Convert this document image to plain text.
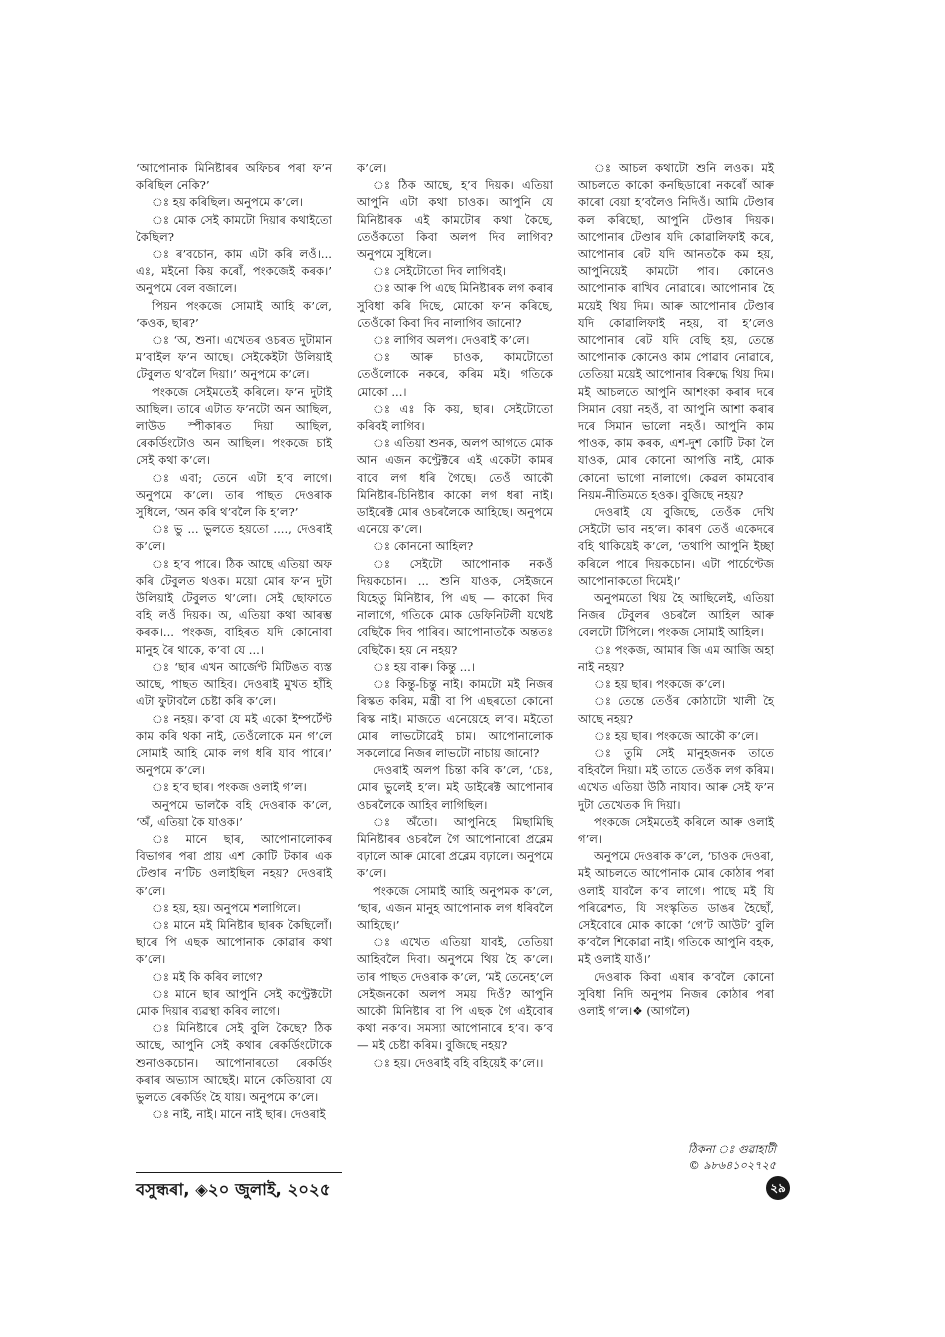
‘আপোনাক মিনিষ্টাৰৰ অফিচৰ পৰা ফ’ন কৰিছিল নেকি?’

ঃ হয় কৰিছিল। অনুপমে ক’লে।

ঃ মোক সেই কামটো দিয়াৰ কথাইতো কৈছিল?

ঃ ৰ’বচোন, কাম এটা কৰি লওঁ।... এঃ, মইনো কিয় কৰোঁ, পংকজেই কৰক।’ অনুপমে বেল বজালে।

পিয়ন পংকজে সোমাই আহি ক’লে, ‘কওক, ছাৰ?’

ঃ ‘অ, শুনা। এখেতৰ ওচৰত দুটামান ম’বাইল ফ’ন আছে। সেইকেইটা উলিয়াই টেবুলত থ’বলৈ দিয়া।’ অনুপমে ক’লে।

পংকজে সেইমতেই কৰিলে। ফ’ন দুটাই আছিল। তাৰে এটাত ফ’নটো অন আছিল, লাউড স্পীকাৰত দিয়া আছিল, ৰেকৰ্ডিংটোও অন আছিল। পংকজে চাই সেই কথা ক’লে।

ঃ এবা; তেনে এটা হ’ব লাগে। অনুপমে ক’লে। তাৰ পাছত দেওৰাক সুধিলে, ‘অন কৰি থ’বলৈ কি হ’ল?’

ঃ ভু ... ভুলতে হয়তো ...., দেওৰাই ক’লে।

ঃ হ’ব পাৰে। ঠিক আছে এতিয়া অফ কৰি টেবুলত থওক। ময়ো মোৰ ফ’ন দুটা উলিয়াই টেবুলত থ’লো। সেই ছোফাতে বহি লওঁ দিয়ক। অ, এতিয়া কথা আৰম্ভ কৰক।... পংকজ, বাহিৰত যদি কোনোবা মানুহ ৰৈ থাকে, ক’বা যে ...।

ঃ ‘ছাৰ এখন আৰ্জেণ্ট মিটিঙত ব্যস্ত আছে, পাছত আহিব। দেওৰাই মুখত হাঁহি এটা ফুটাবলৈ চেষ্টা কৰি ক’লে।

ঃ নহয়। ক’বা যে মই একো ইম্পৰ্টেণ্ট কাম কৰি থকা নাই, তেওঁলোকে মন গ’লে সোমাই আহি মোক লগ ধৰি যাব পাৰে।’ অনুপমে ক’লে।

ঃ হ’ব ছাৰ। পংকজ ওলাই গ’ল।

অনুপমে ভালকৈ বহি দেওৰাক ক’লে, ‘অঁ, এতিয়া কৈ যাওক।’

ঃ মানে ছাৰ, আপোনালোকৰ বিভাগৰ পৰা প্ৰায় এশ কোটি টকাৰ এক টেণ্ডাৰ ন’টিচ ওলাইছিল নহয়? দেওৰাই ক’লে।

ঃ হয়, হয়। অনুপমে শলাগিলে।

ঃ মানে মই মিনিষ্টাৰ ছাৰক কৈছিলোঁ। ছাৰে পি এছক আপোনাক কোৱাৰ কথা ক’লে।

ঃ মই কি কৰিব লাগে?

ঃ মানে ছাৰ আপুনি সেই কণ্ট্ৰেক্টটো মোক দিয়াৰ ব্যৱস্থা কৰিব লাগে।

ঃ মিনিষ্টাৰে সেই বুলি কৈছে? ঠিক আছে, আপুনি সেই কথাৰ ৰেকৰ্ডিংটোকে শুনাওকচোন। আপোনাৰতো ৰেকৰ্ডিং কৰাৰ অভ্যাস আছেই। মানে কেতিয়াবা যে ভুলতে ৰেকৰ্ডিং হৈ যায়। অনুপমে ক’লে।

ঃ নাই, নাই। মানে নাই ছাৰ। দেওৰাই

ক’লে।

ঃ ঠিক আছে, হ’ব দিয়ক। এতিয়া আপুনি এটা কথা চাওক। আপুনি যে মিনিষ্টাৰক এই কামটোৰ কথা কৈছে, তেওঁকতো কিবা অলপ দিব লাগিব? অনুপমে সুধিলে।

ঃ সেইটোতো দিব লাগিবই।

ঃ আৰু পি এছে মিনিষ্টাৰক লগ কৰাৰ সুবিধা কৰি দিছে, মোকো ফ’ন কৰিছে, তেওঁকো কিবা দিব নালাগিব জানো?

ঃ লাগিব অলপ। দেওৰাই ক’লে।

ঃ আৰু চাওক, কামটোতো তেওঁলোকে নকৰে, কৰিম মই। গতিকে মোকো ...।

ঃ এঃ কি কয়, ছাৰ। সেইটোতো কৰিবই লাগিব।

ঃ এতিয়া শুনক, অলপ আগতে মোক আন এজন কণ্ট্ৰেক্টৰে এই একেটা কামৰ বাবে লগ ধৰি গৈছে। তেওঁ আকৌ মিনিষ্টাৰ-চিনিষ্টাৰ কাকো লগ ধৰা নাই। ডাইৰেক্ট মোৰ ওচৰলৈকে আহিছে। অনুপমে এনেয়ে ক’লে।

ঃ কোননো আহিল?

ঃ সেইটো আপোনাক নকওঁ দিয়কচোন। ... শুনি যাওক, সেইজনে যিহেতু মিনিষ্টাৰ, পি এছ — কাকো দিব নালাগে, গতিকে মোক ডেফিনিটলী যথেষ্ট বেছিকৈ দিব পাৰিব। আপোনাতকৈ অন্ততঃ বেছিকৈ। হয় নে নহয়?

ঃ হয় বাৰু। কিন্তু ...।

ঃ কিন্তু-চিন্তু নাই। কামটো মই নিজৰ ৰিস্কত কৰিম, মন্ত্ৰী বা পি এছৰতো কোনো ৰিস্ক নাই। মাজতে এনেয়েহে ল’ব। মইতো মোৰ লাভটোৱেই চাম। আপোনালোক সকলোৱে নিজৰ লাভটো নাচায় জানো?

দেওৰাই অলপ চিন্তা কৰি ক’লে, ‘চেঃ, মোৰ ভুলেই হ’ল। মই ডাইৰেক্ট আপোনাৰ ওচৰলৈকে আহিব লাগিছিল।

ঃ অঁতো। আপুনিহে মিছামিছি মিনিষ্টাৰৰ ওচৰলৈ গৈ আপোনাৰো প্ৰব্লেম বঢ়ালে আৰু মোৰো প্ৰব্লেম বঢ়ালে। অনুপমে ক’লে।

পংকজে সোমাই আহি অনুপমক ক’লে, ‘ছাৰ, এজন মানুহ আপোনাক লগ ধৰিবলৈ আহিছে।’

ঃ এখেত এতিয়া যাবই, তেতিয়া আহিবলৈ দিবা। অনুপমে থিয় হৈ ক’লে। তাৰ পাছত দেওৰাক ক’লে, ‘মই তেনেহ’লে সেইজনকো অলপ সময় দিওঁ? আপুনি আকৌ মিনিষ্টাৰ বা পি এছক গৈ এইবোৰ কথা নক’ব। সমস্যা আপোনাৰে হ’ব। ক’ব — মই চেষ্টা কৰিম। বুজিছে নহয়?

ঃ হয়। দেওৰাই বহি বহিয়েই ক’লে।।

ঃ আচল কথাটো শুনি লওক। মই আচলতে কাকো কনছিডাৰো নকৰোঁ আৰু কাৰো বেয়া হ’বলৈও নিদিওঁ। আমি টেণ্ডাৰ কল কৰিছো, আপুনি টেণ্ডাৰ দিয়ক। আপোনাৰ টেণ্ডাৰ যদি কোৱালিফাই কৰে, আপোনাৰ ৰেট যদি আনতকৈ কম হয়, আপুনিয়েই কামটো পাব। কোনেও আপোনাক ৰাখিব নোৱাৰে। আপোনাৰ হৈ ময়েই থিয় দিম। আৰু আপোনাৰ টেণ্ডাৰ যদি কোৱালিফাই নহয়, বা হ’লেও আপোনাৰ ৰেট যদি বেছি হয়, তেন্তে আপোনাক কোনেও কাম পোৱাব নোৱাৰে, তেতিয়া ময়েই আপোনাৰ বিৰুদ্ধে থিয় দিম। মই আচলতে আপুনি আশংকা কৰাৰ দৰে সিমান বেয়া নহওঁ, বা আপুনি আশা কৰাৰ দৰে সিমান ভালো নহওঁ। আপুনি কাম পাওক, কাম কৰক, এশ-দুশ কোটি টকা লৈ যাওক, মোৰ কোনো আপত্তি নাই, মোক কোনো ভাগো নালাগে। কেৱল কামবোৰ নিয়ম-নীতিমতে হওক। বুজিছে নহয়?

দেওৰাই যে বুজিছে, তেওঁক দেখি সেইটো ভাব নহ’ল। কাৰণ তেওঁ একেদৰে বহি থাকিয়েই ক’লে, ‘তথাপি আপুনি ইচ্ছা কৰিলে পাৰে দিয়কচোন। এটা পাৰ্চেণ্টেজ আপোনাকতো দিমেই।’

অনুপমতো থিয় হৈ আছিলেই, এতিয়া নিজৰ টেবুলৰ ওচৰলৈ আহিল আৰু বেলটো টিপিলে। পংকজ সোমাই আহিল।

ঃ পংকজ, আমাৰ জি এম আজি অহা নাই নহয়?

ঃ হয় ছাৰ। পংকজে ক’লে।

ঃ তেন্তে তেওঁৰ কোঠাটো খালী হৈ আছে নহয়?

ঃ হয় ছাৰ। পংকজে আকৌ ক’লে।

ঃ তুমি সেই মানুহজনক তাতে বহিবলৈ দিয়া। মই তাতে তেওঁক লগ কৰিম। এখেত এতিয়া উঠি নাযাব। আৰু সেই ফ’ন দুটা তেখেতক দি দিয়া।

পংকজে সেইমতেই কৰিলে আৰু ওলাই গ’ল।

অনুপমে দেওৰাক ক’লে, ‘চাওক দেওৰা, মই আচলতে আপোনাক মোৰ কোঠাৰ পৰা ওলাই যাবলৈ ক’ব লাগে। পাছে মই যি পৰিৱেশত, যি সংস্কৃতিত ডাঙৰ হৈছোঁ, সেইবোৰে মোক কাকো ‘গে’ট আউট’ বুলি ক’বলৈ শিকোৱা নাই। গতিকে আপুনি বহক, মই ওলাই যাওঁ।’

দেওৰাক কিবা এষাৰ ক’বলৈ কোনো সুবিধা নিদি অনুপম নিজৰ কোঠাৰ পৰা ওলাই গ’ল।❖ (আগলৈ)

ঠিকনা ঃ গুৱাহাটী
© ৯৮৬৪১০২৭২৫
বসুন্ধৰা, ◈২০ জুলাই, ২০২৫	২৯
